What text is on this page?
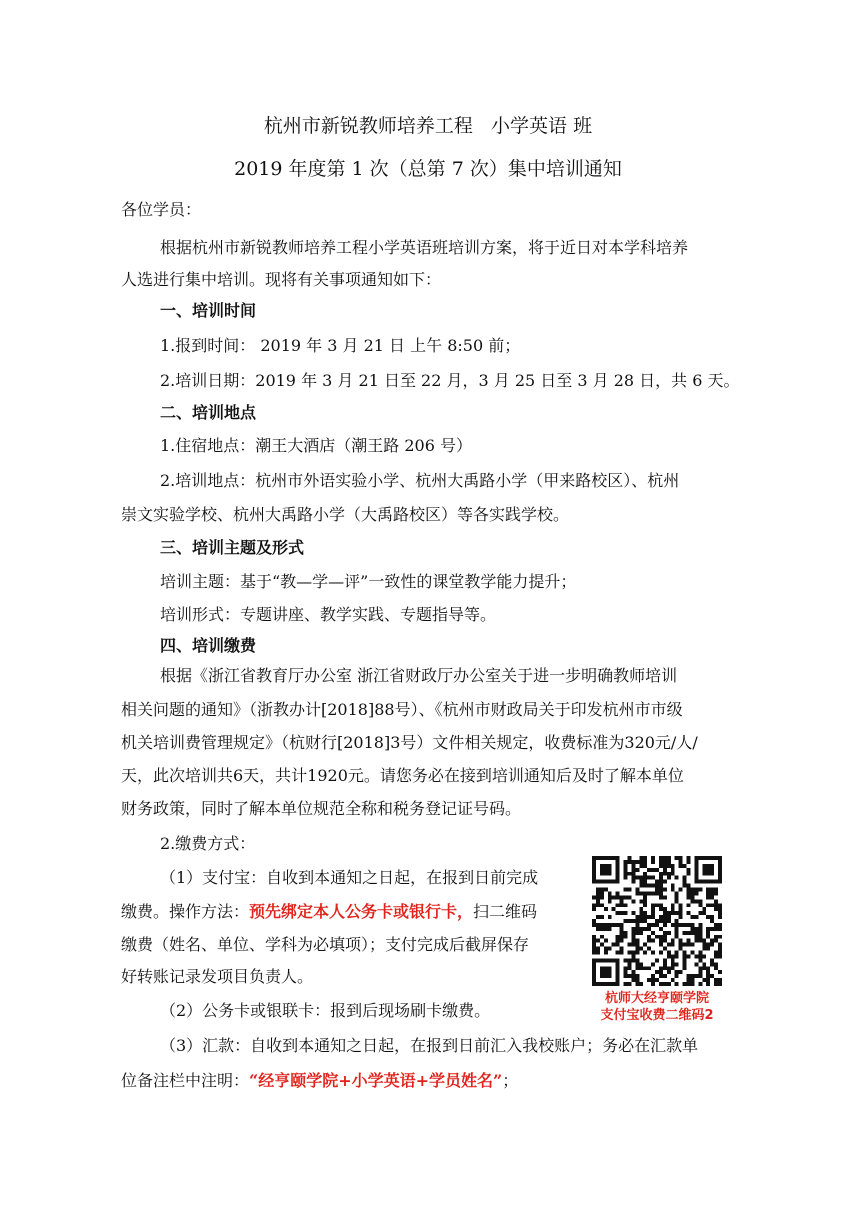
杭州市新锐教师培养工程   小学英语 班
2019 年度第 1 次（总第 7 次）集中培训通知
各位学员：
根据杭州市新锐教师培养工程小学英语班培训方案，将于近日对本学科培养
人选进行集中培训。现将有关事项通知如下：
一、培训时间
1.报到时间： 2019 年 3 月 21 日 上午 8:50 前；
2.培训日期：2019 年 3 月 21 日至 22 月，3 月 25 日至 3 月 28 日，共 6 天。
二、培训地点
1.住宿地点：潮王大酒店（潮王路 206 号）
2.培训地点：杭州市外语实验小学、杭州大禹路小学（甲来路校区）、杭州
崇文实验学校、杭州大禹路小学（大禹路校区）等各实践学校。
三、培训主题及形式
培训主题：基于“教—学—评”一致性的课堂教学能力提升；
培训形式：专题讲座、教学实践、专题指导等。
四、培训缴费
根据《浙江省教育厅办公室 浙江省财政厅办公室关于进一步明确教师培训
相关问题的通知》（浙教办计[2018]88号）、《杭州市财政局关于印发杭州市市级
机关培训费管理规定》（杭财行[2018]3号）文件相关规定，收费标准为320元/人/
天，此次培训共6天，共计1920元。请您务必在接到培训通知后及时了解本单位
财务政策，同时了解本单位规范全称和税务登记证号码。
2.缴费方式：
（1）支付宝：自收到本通知之日起，在报到日前完成
缴费。操作方法：预先绑定本人公务卡或银行卡，扫二维码
缴费（姓名、单位、学科为必填项）；支付完成后截屏保存
好转账记录发项目负责人。
（2）公务卡或银联卡：报到后现场刷卡缴费。
（3）汇款：自收到本通知之日起，在报到日前汇入我校账户；务必在汇款单
位备注栏中注明：“经亨颐学院+小学英语+学员姓名”；
杭师大经亨颐学院
支付宝收费二维码2
